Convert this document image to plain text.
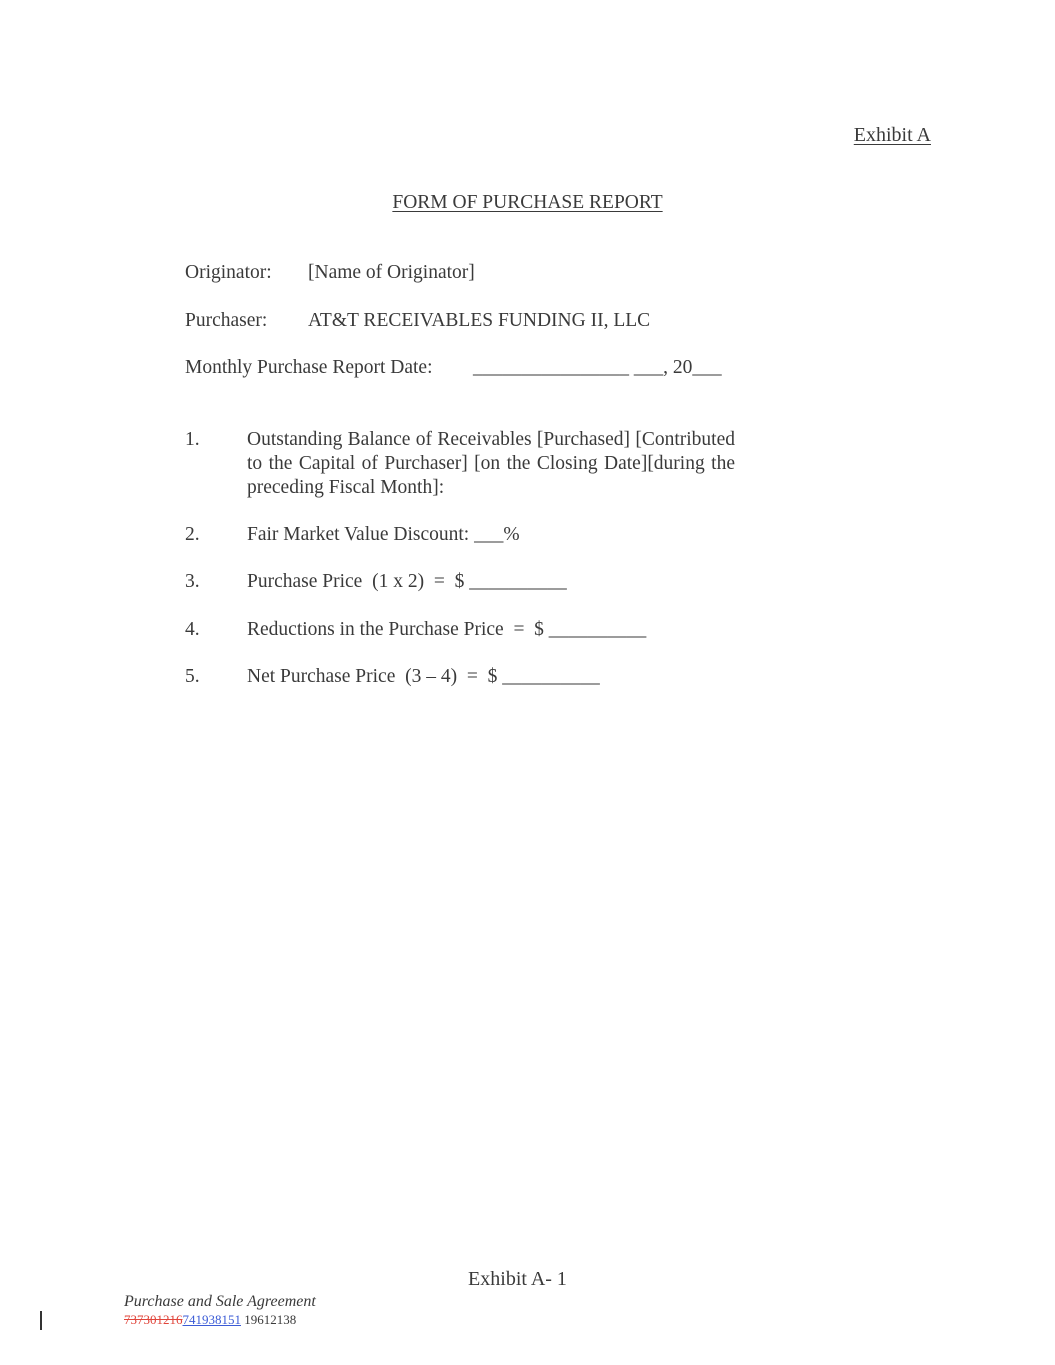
Exhibit A
FORM OF PURCHASE REPORT
Originator: [Name of Originator]
Purchaser: AT&T RECEIVABLES FUNDING II, LLC
Monthly Purchase Report Date: ________________ ___, 20___
1. Outstanding Balance of Receivables [Purchased] [Contributed to the Capital of Purchaser] [on the Closing Date][during the preceding Fiscal Month]:
2. Fair Market Value Discount: ___%
3. Purchase Price  (1 x 2)  =  $ __________
4. Reductions in the Purchase Price  =  $ __________
5. Net Purchase Price  (3 – 4)  =  $ __________
Exhibit A- 1
Purchase and Sale Agreement
737301216741938151 19612138
